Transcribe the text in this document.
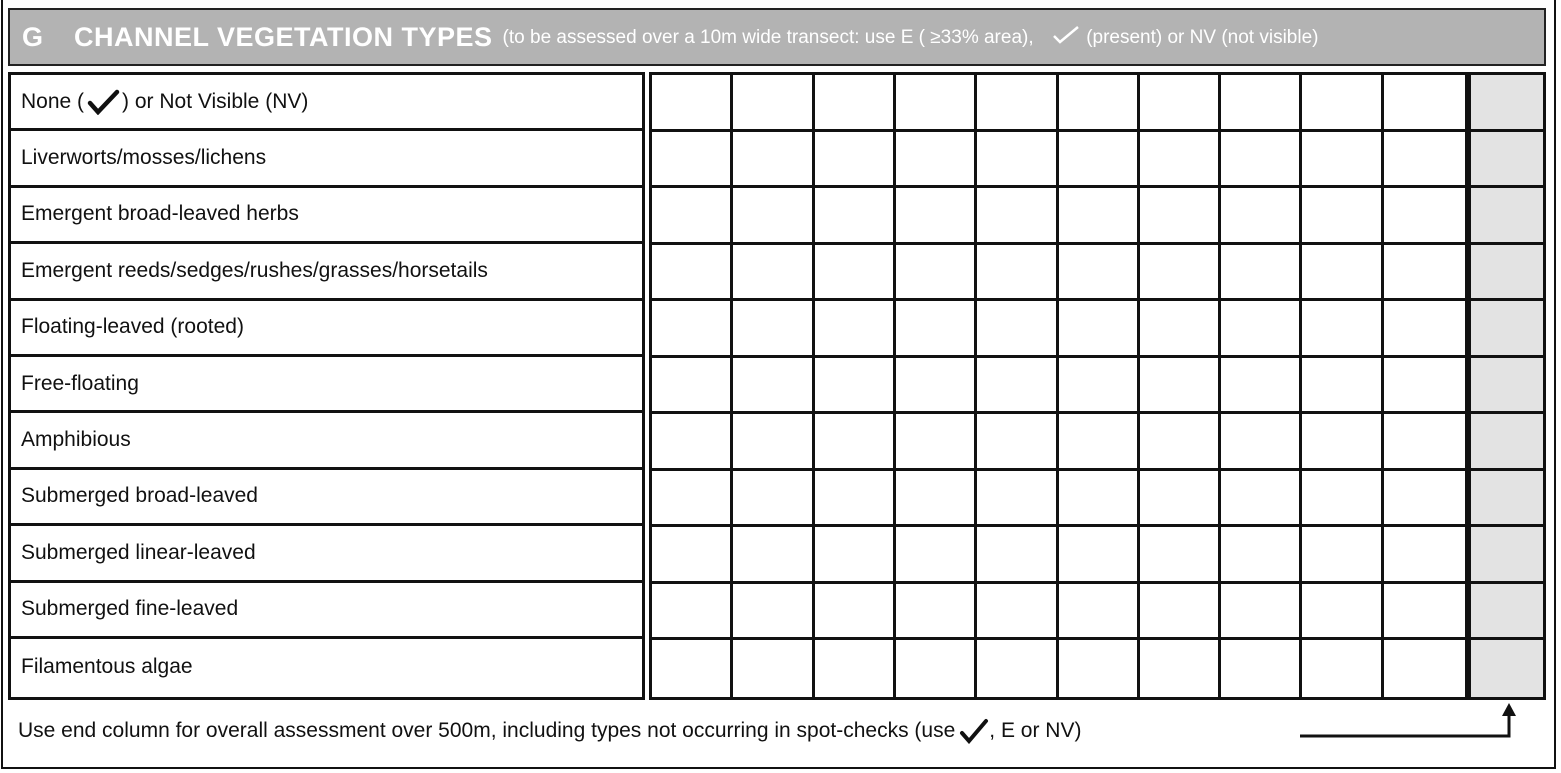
G	CHANNEL VEGETATION TYPES (to be assessed over a 10m wide transect: use E ( ≥33% area),	(present) or NV (not visible)
None ( ) or Not Visible (NV)
Liverworts/mosses/lichens
Emergent broad-leaved herbs
Emergent reeds/sedges/rushes/grasses/horsetails
Floating-leaved (rooted)
Free-floating
Amphibious
Submerged broad-leaved
Submerged linear-leaved
Submerged fine-leaved
Filamentous algae
Use end column for overall assessment over 500m, including types not occurring in spot-checks (use , E or NV)
